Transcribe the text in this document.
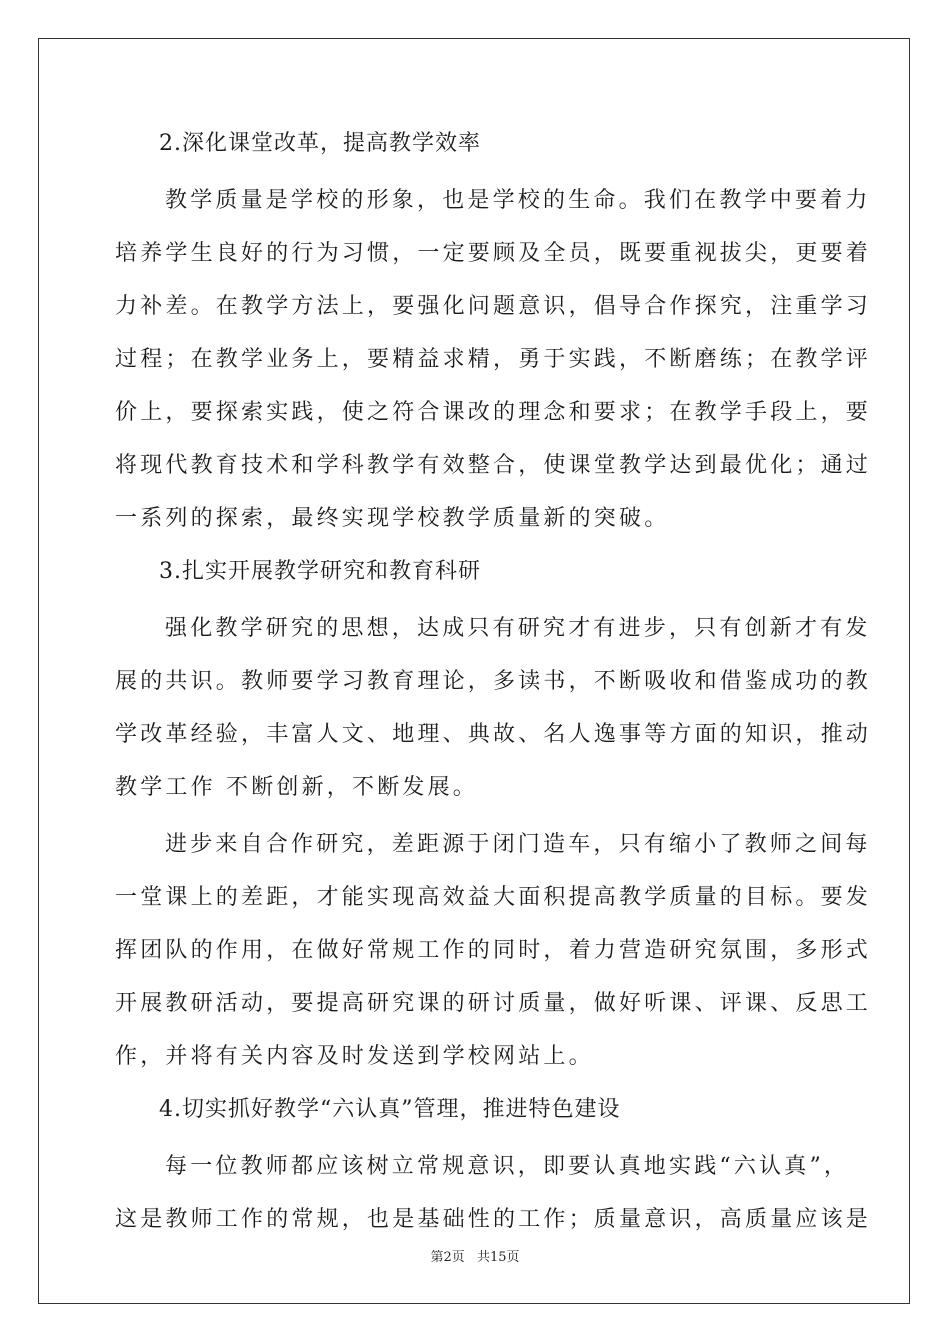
2.深化课堂改革，提高教学效率
教学质量是学校的形象，也是学校的生命。我们在教学中要着力
培养学生良好的行为习惯，一定要顾及全员，既要重视拔尖，更要着
力补差。在教学方法上，要强化问题意识，倡导合作探究，注重学习
过程；在教学业务上，要精益求精，勇于实践，不断磨练；在教学评
价上，要探索实践，使之符合课改的理念和要求；在教学手段上，要
将现代教育技术和学科教学有效整合，使课堂教学达到最优化；通过
一系列的探索，最终实现学校教学质量新的突破。
3.扎实开展教学研究和教育科研
强化教学研究的思想，达成只有研究才有进步，只有创新才有发
展的共识。教师要学习教育理论，多读书，不断吸收和借鉴成功的教
学改革经验，丰富人文、地理、典故、名人逸事等方面的知识，推动
教学工作 不断创新，不断发展。
进步来自合作研究，差距源于闭门造车，只有缩小了教师之间每
一堂课上的差距，才能实现高效益大面积提高教学质量的目标。要发
挥团队的作用，在做好常规工作的同时，着力营造研究氛围，多形式
开展教研活动，要提高研究课的研讨质量，做好听课、评课、反思工
作，并将有关内容及时发送到学校网站上。
4.切实抓好教学“六认真”管理，推进特色建设
每一位教师都应该树立常规意识，即要认真地实践“六认真”，
这是教师工作的常规，也是基础性的工作；质量意识，高质量应该是
第2页 共15页
